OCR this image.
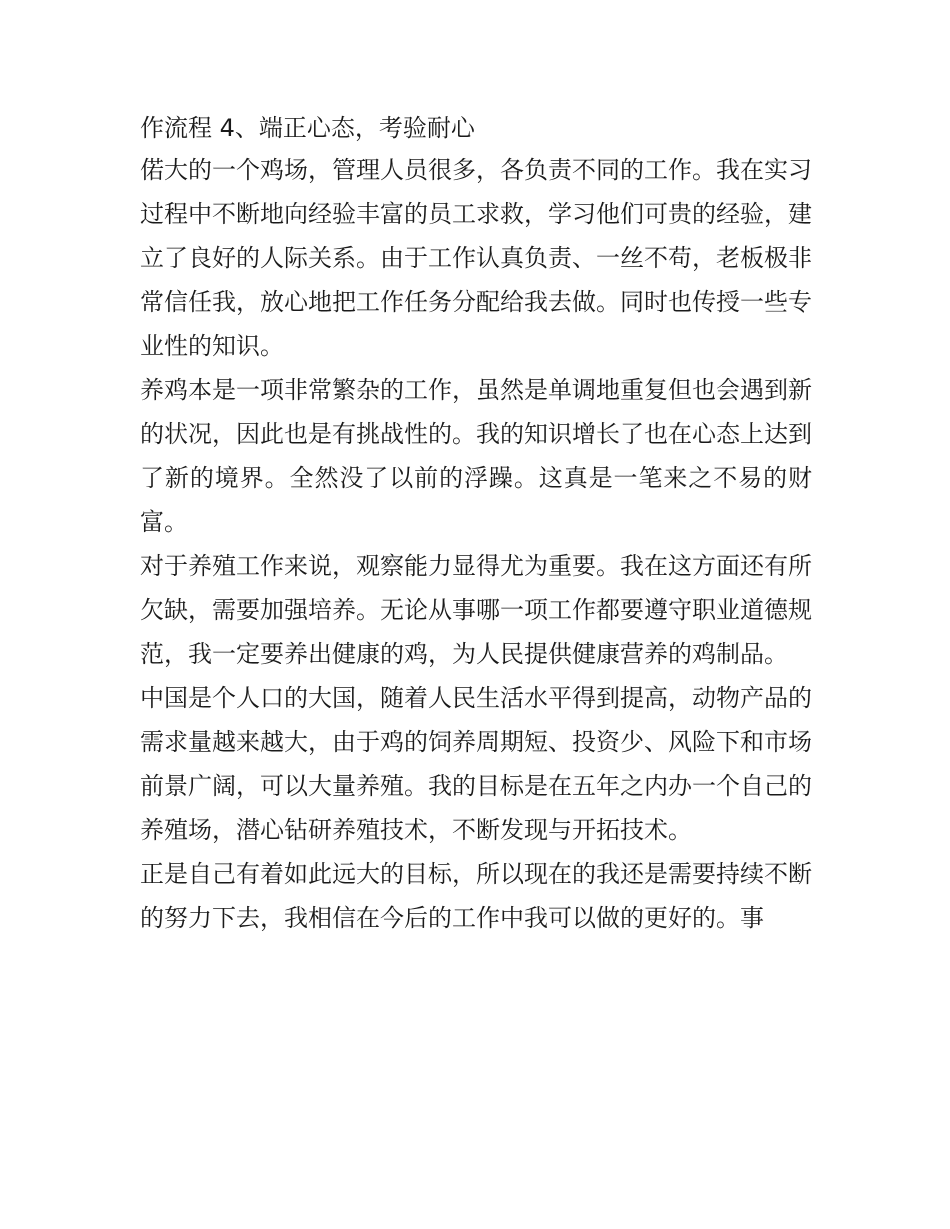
作流程 4、端正心态，考验耐心

偌大的一个鸡场，管理人员很多，各负责不同的工作。我在实习过程中不断地向经验丰富的员工求救，学习他们可贵的经验，建立了良好的人际关系。由于工作认真负责、一丝不苟，老板极非常信任我，放心地把工作任务分配给我去做。同时也传授一些专业性的知识。

养鸡本是一项非常繁杂的工作，虽然是单调地重复但也会遇到新的状况，因此也是有挑战性的。我的知识增长了也在心态上达到了新的境界。全然没了以前的浮躁。这真是一笔来之不易的财富。

对于养殖工作来说，观察能力显得尤为重要。我在这方面还有所欠缺，需要加强培养。无论从事哪一项工作都要遵守职业道德规范，我一定要养出健康的鸡，为人民提供健康营养的鸡制品。

中国是个人口的大国，随着人民生活水平得到提高，动物产品的需求量越来越大，由于鸡的饲养周期短、投资少、风险下和市场前景广阔，可以大量养殖。我的目标是在五年之内办一个自己的养殖场，潜心钻研养殖技术，不断发现与开拓技术。

正是自己有着如此远大的目标，所以现在的我还是需要持续不断的努力下去，我相信在今后的工作中我可以做的更好的。事
